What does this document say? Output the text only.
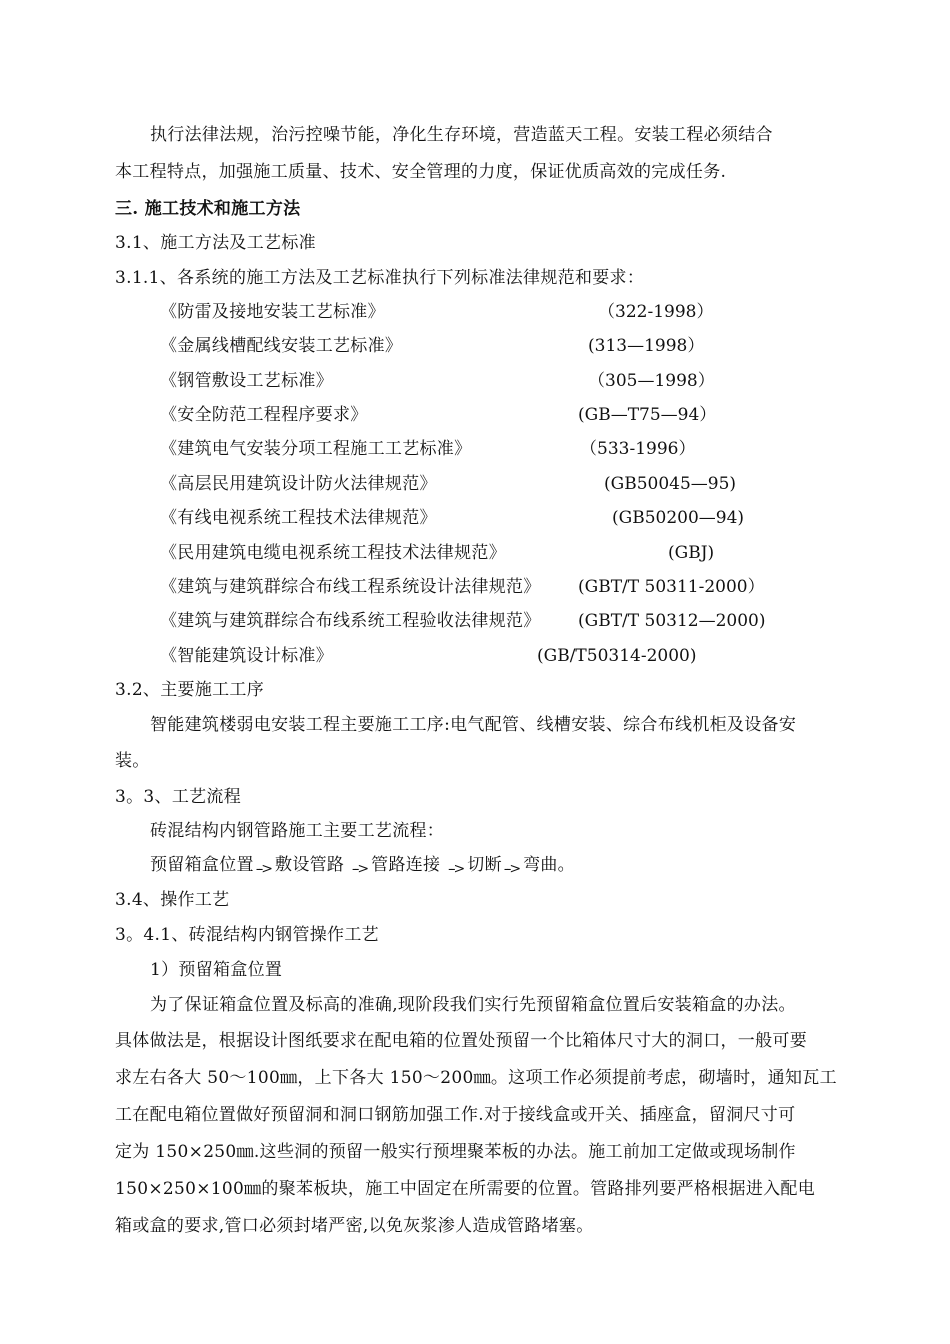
执行法律法规，治污控噪节能，净化生存环境，营造蓝天工程。安装工程必须结合
本工程特点，加强施工质量、技术、安全管理的力度，保证优质高效的完成任务.
三. 施工技术和施工方法
3.1、施工方法及工艺标准
3.1.1、各系统的施工方法及工艺标准执行下列标准法律规范和要求：
《防雷及接地安装工艺标准》	（322-1998）
《金属线槽配线安装工艺标准》	(313—1998）
《钢管敷设工艺标准》	（305—1998）
《安全防范工程程序要求》	(GB—T75—94）
《建筑电气安装分项工程施工工艺标准》	（533-1996）
《高层民用建筑设计防火法律规范》	(GB50045—95)
《有线电视系统工程技术法律规范》	(GB50200—94)
《民用建筑电缆电视系统工程技术法律规范》	(GBJ)
《建筑与建筑群综合布线工程系统设计法律规范》 (GBT/T 50311-2000）
《建筑与建筑群综合布线系统工程验收法律规范》 (GBT/T 50312—2000)
《智能建筑设计标准》	(GB/T50314-2000)
3.2、主要施工工序
智能建筑楼弱电安装工程主要施工工序:电气配管、线槽安装、综合布线机柜及设备安
装。
3。3、工艺流程
砖混结构内钢管路施工主要工艺流程：
预留箱盒位置 --> 敷设管路 --> 管路连接 --> 切断 --> 弯曲。
3.4、操作工艺
3。4.1、砖混结构内钢管操作工艺
1）预留箱盒位置
为了保证箱盒位置及标高的准确,现阶段我们实行先预留箱盒位置后安装箱盒的办法。
具体做法是，根据设计图纸要求在配电箱的位置处预留一个比箱体尺寸大的洞口，一般可要
求左右各大 50～100㎜，上下各大 150～200㎜。这项工作必须提前考虑，砌墙时，通知瓦工
工在配电箱位置做好预留洞和洞口钢筋加强工作.对于接线盒或开关、插座盒，留洞尺寸可
定为 150×250㎜.这些洞的预留一般实行预埋聚苯板的办法。施工前加工定做或现场制作
150×250×100㎜的聚苯板块，施工中固定在所需要的位置。管路排列要严格根据进入配电
箱或盒的要求,管口必须封堵严密,以免灰浆渗人造成管路堵塞。
